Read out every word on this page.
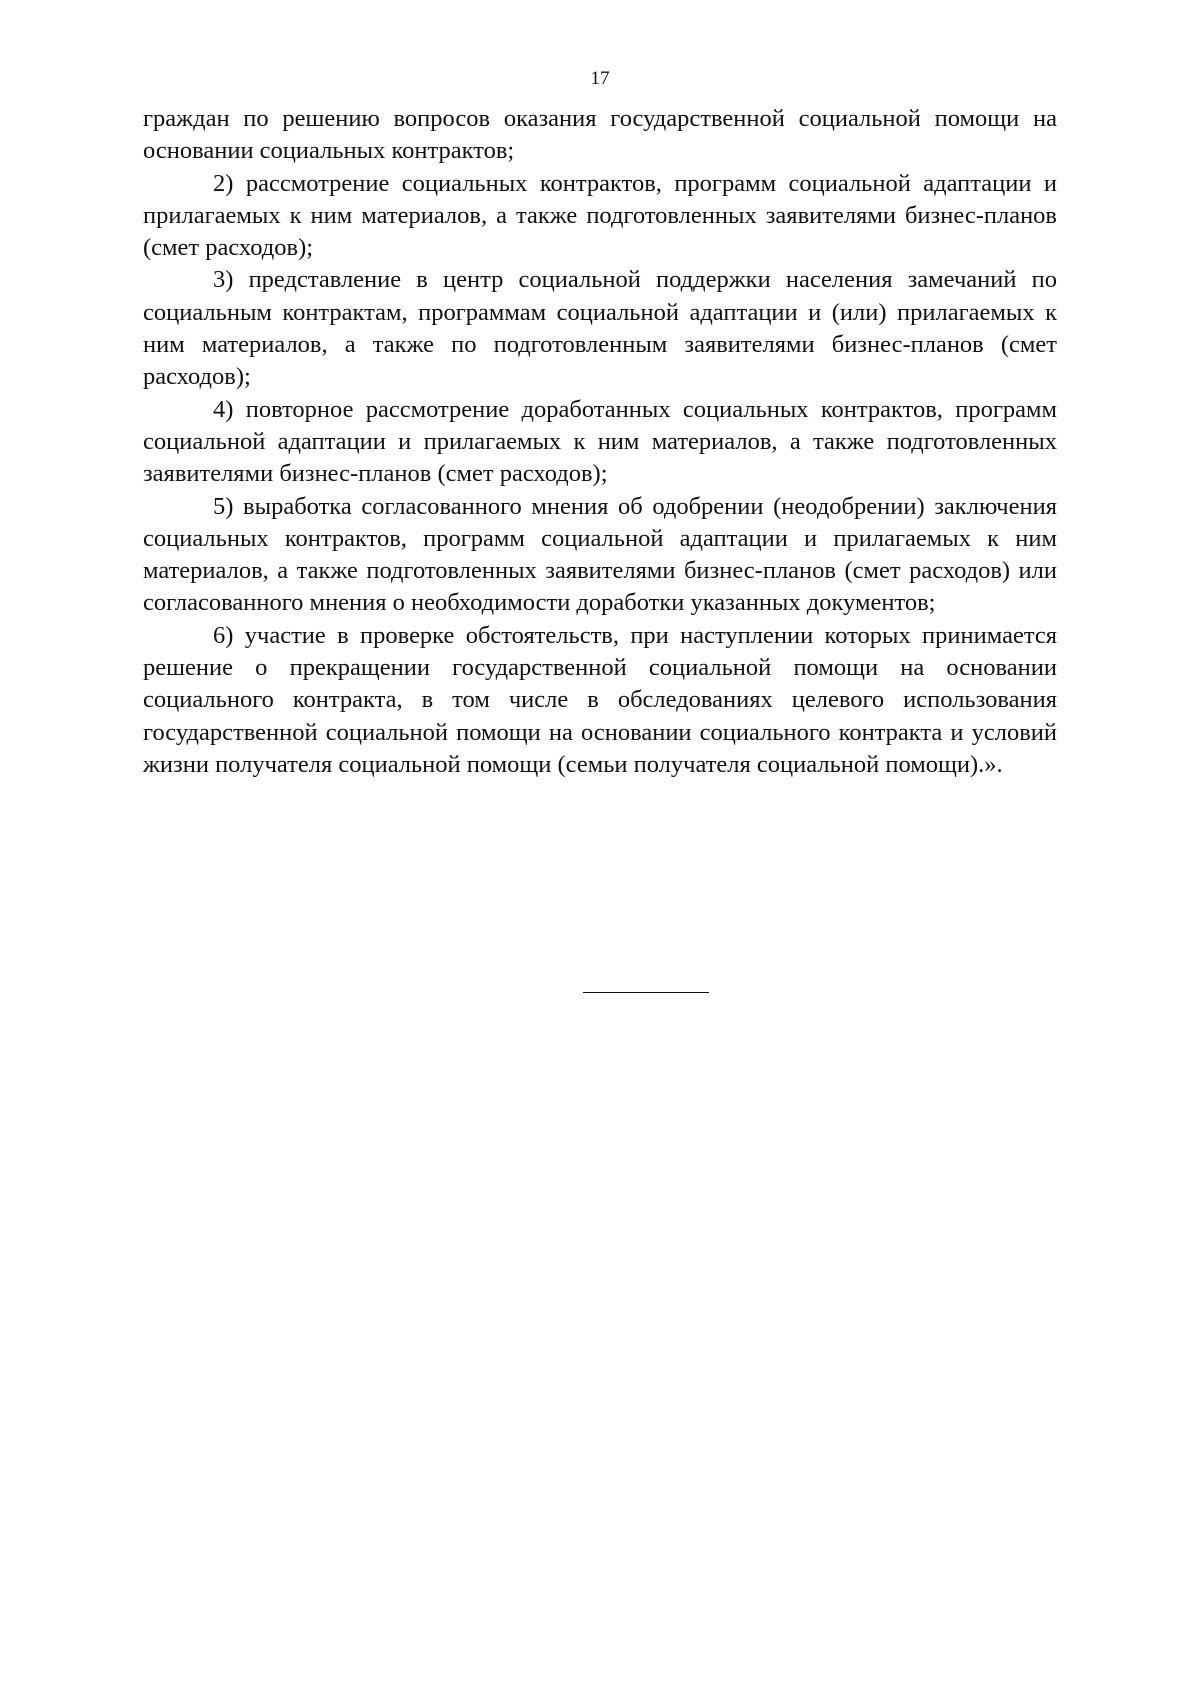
17

граждан по решению вопросов оказания государственной социальной помощи на основании социальных контрактов;

2) рассмотрение социальных контрактов, программ социальной адаптации и прилагаемых к ним материалов, а также подготовленных заявителями бизнес-планов (смет расходов);

3) представление в центр социальной поддержки населения замечаний по социальным контрактам, программам социальной адаптации и (или) прилагаемых к ним материалов, а также по подготовленным заявителями бизнес-планов (смет расходов);

4) повторное рассмотрение доработанных социальных контрактов, программ социальной адаптации и прилагаемых к ним материалов, а также подготовленных заявителями бизнес-планов (смет расходов);

5) выработка согласованного мнения об одобрении (неодобрении) заключения социальных контрактов, программ социальной адаптации и прилагаемых к ним материалов, а также подготовленных заявителями бизнес-планов (смет расходов) или согласованного мнения о необходимости доработки указанных документов;

6) участие в проверке обстоятельств, при наступлении которых принимается решение о прекращении государственной социальной помощи на основании социального контракта, в том числе в обследованиях целевого использования государственной социальной помощи на основании социального контракта и условий жизни получателя социальной помощи (семьи получателя социальной помощи).».
